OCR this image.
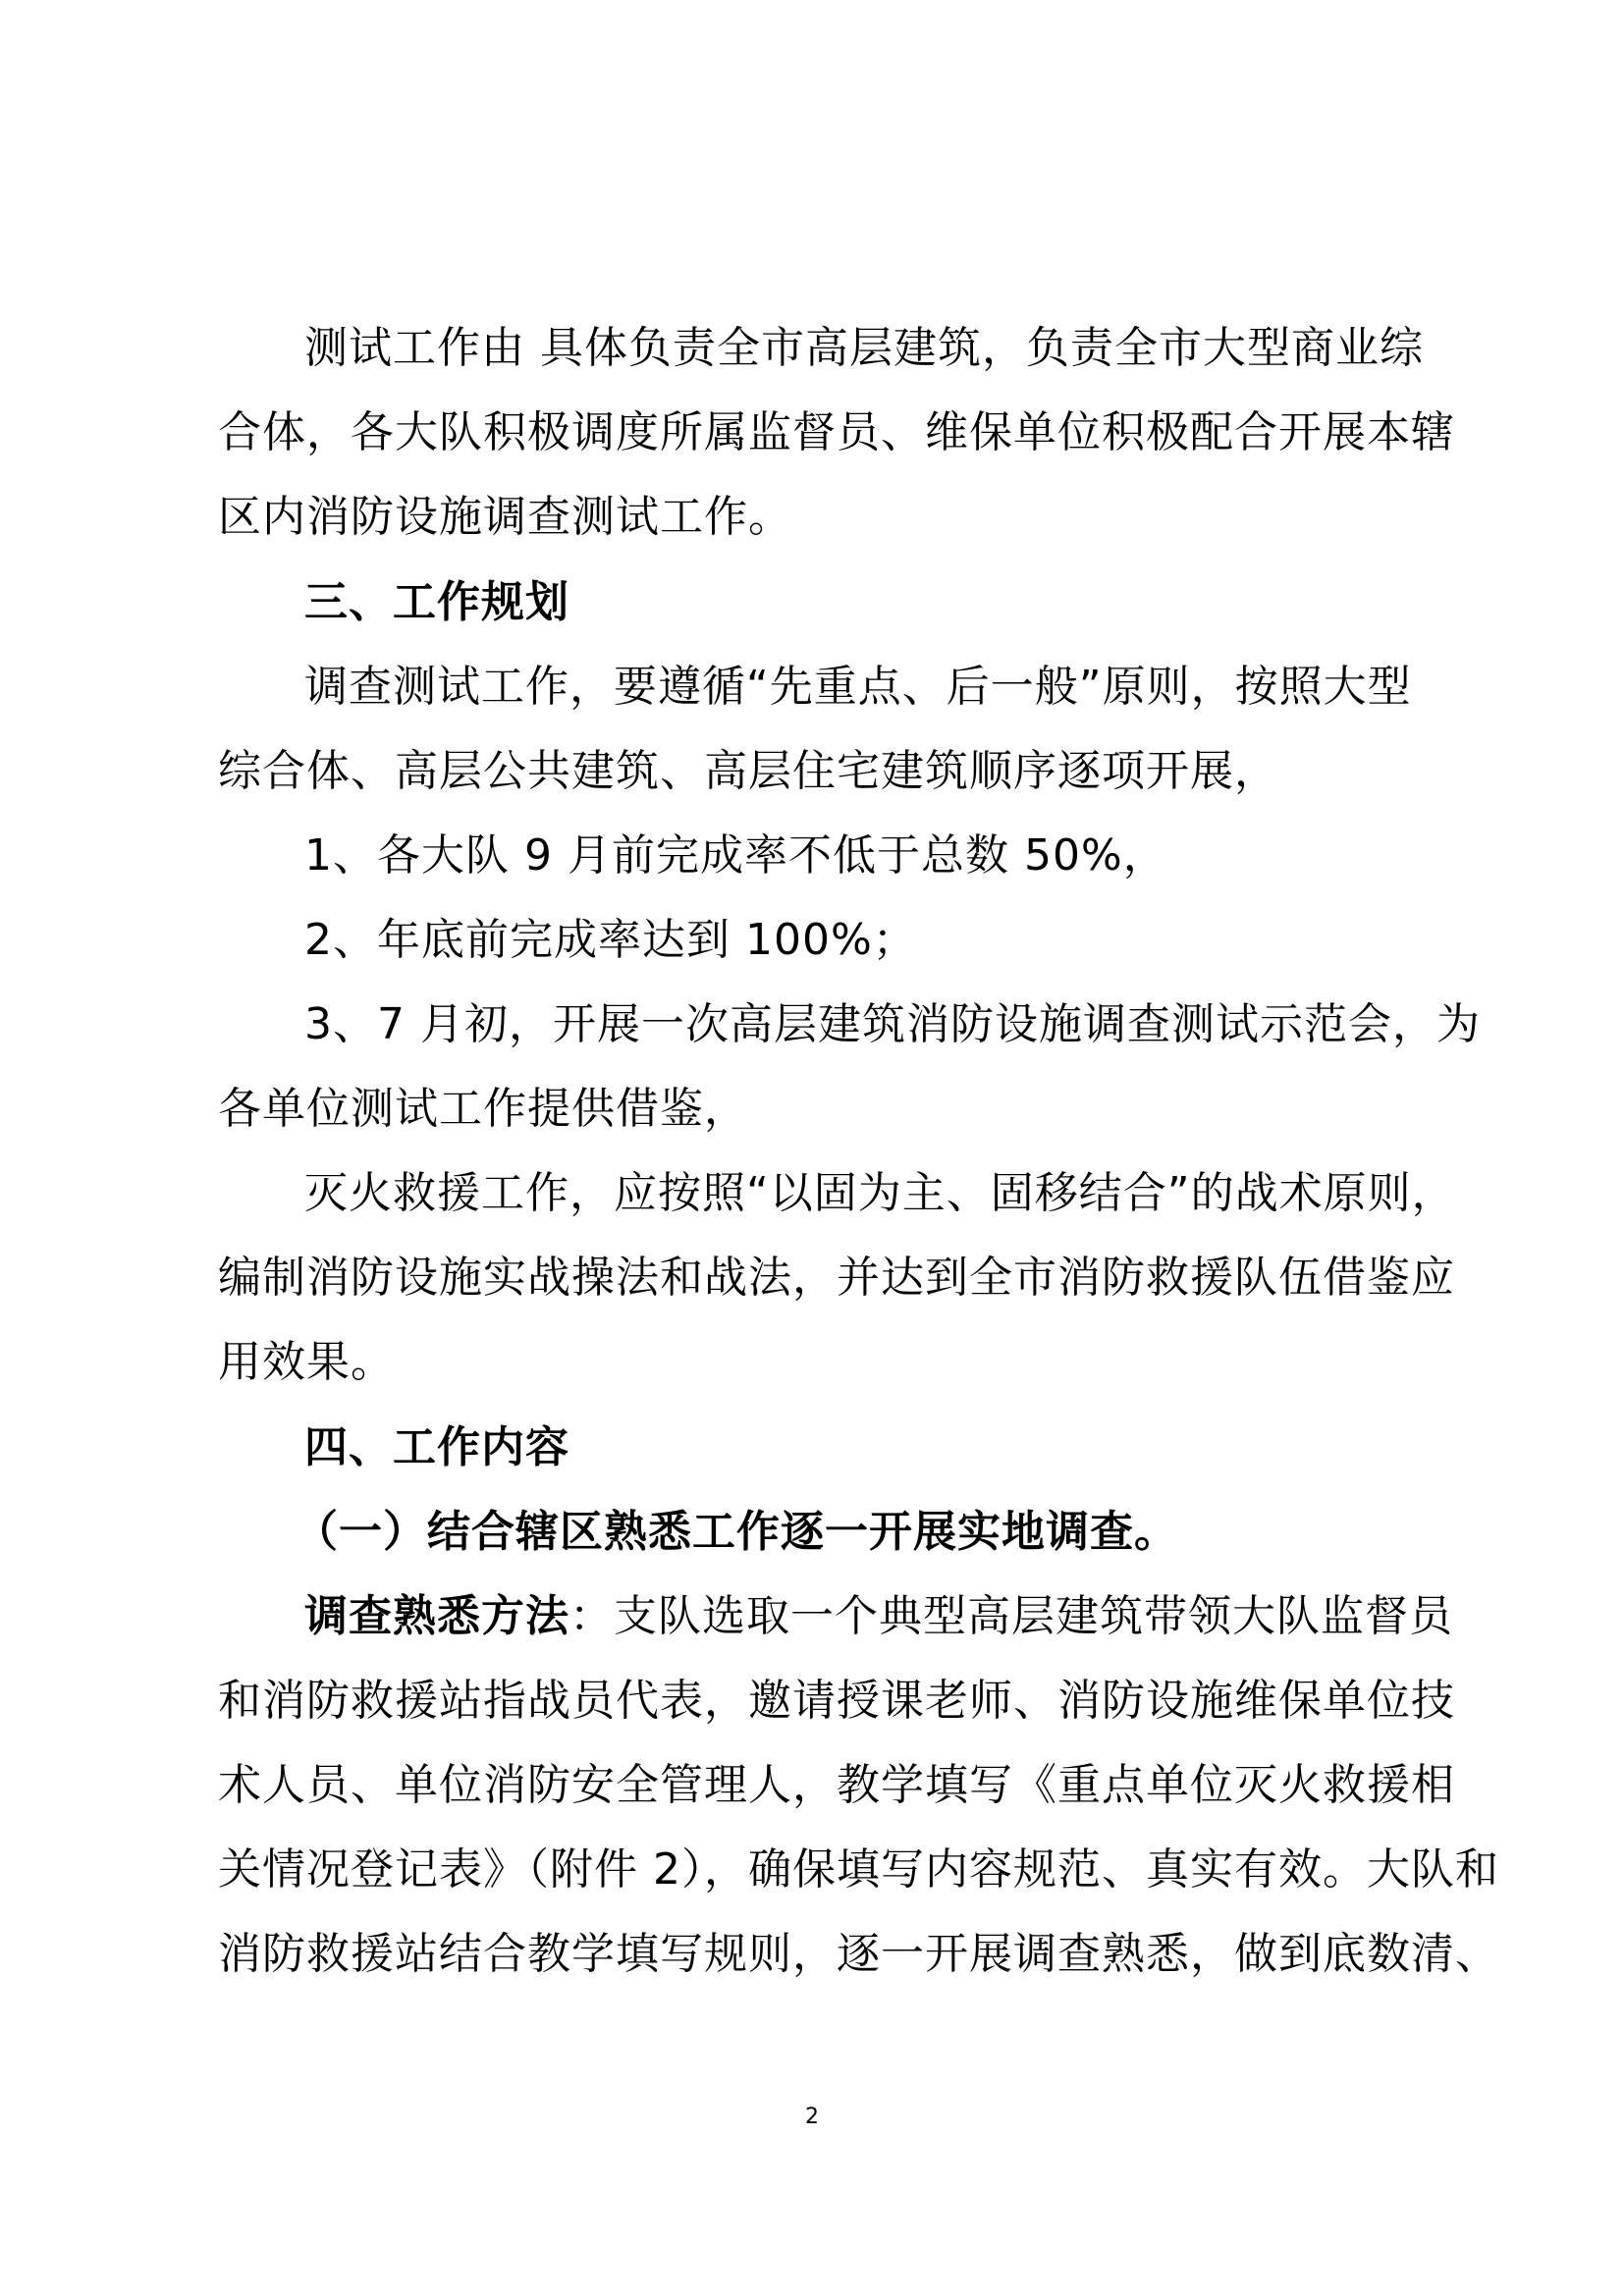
测试工作由 具体负责全市高层建筑，负责全市大型商业综
合体，各大队积极调度所属监督员、维保单位积极配合开展本辖
区内消防设施调查测试工作。
三、工作规划
调查测试工作，要遵循“先重点、后一般”原则，按照大型
综合体、高层公共建筑、高层住宅建筑顺序逐项开展，
1、各大队 9 月前完成率不低于总数 50%，
2、年底前完成率达到 100%；
3、7 月初，开展一次高层建筑消防设施调查测试示范会，为
各单位测试工作提供借鉴，
灭火救援工作，应按照“以固为主、固移结合”的战术原则，
编制消防设施实战操法和战法，并达到全市消防救援队伍借鉴应
用效果。
四、工作内容
（一）结合辖区熟悉工作逐一开展实地调查。
调查熟悉方法：支队选取一个典型高层建筑带领大队监督员
和消防救援站指战员代表，邀请授课老师、消防设施维保单位技
术人员、单位消防安全管理人，教学填写《重点单位灭火救援相
关情况登记表》（附件 2），确保填写内容规范、真实有效。大队和
消防救援站结合教学填写规则，逐一开展调查熟悉，做到底数清、
2
